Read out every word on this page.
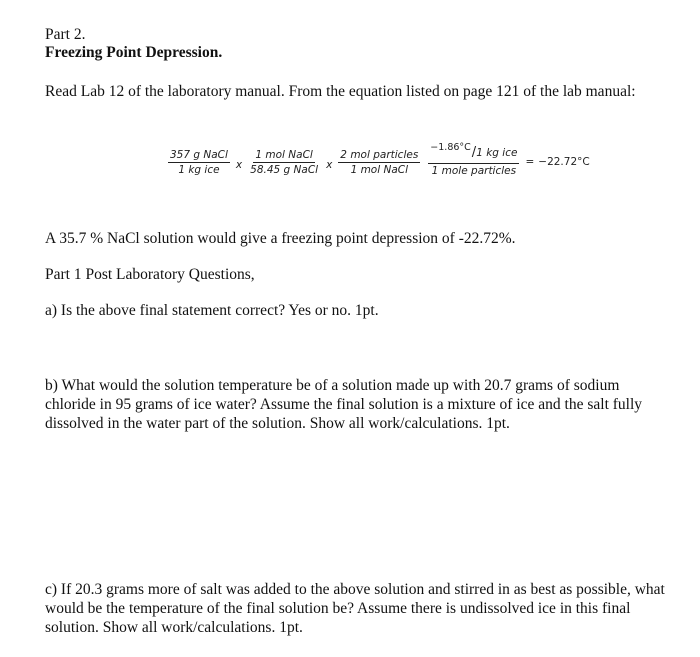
Part 2.
Freezing Point Depression.
Read Lab 12 of the laboratory manual. From the equation listed on page 121 of the lab manual:
$\frac{\text{357 g NaCl}}{\text{1 kg ice}}$ x $\frac{\text{1 mol NaCl}}{\text{58.45 g NaCl}}$ x $\frac{\text{2 mol particles}}{\text{1 mol NaCl}} \frac{\text{−1.86°C / 1 kg ice}}{\text{1 mole particles}} = -22.72^\circ C$
A 35.7 % NaCl solution would give a freezing point depression of -22.72%.
Part 1 Post Laboratory Questions,
a) Is the above final statement correct? Yes or no. 1pt.
b) What would the solution temperature be of a solution made up with 20.7 grams of sodium chloride in 95 grams of ice water? Assume the final solution is a mixture of ice and the salt fully dissolved in the water part of the solution. Show all work/calculations. 1pt.
c) If 20.3 grams more of salt was added to the above solution and stirred in as best as possible, what would be the temperature of the final solution be? Assume there is undissolved ice in this final solution. Show all work/calculations. 1pt.
